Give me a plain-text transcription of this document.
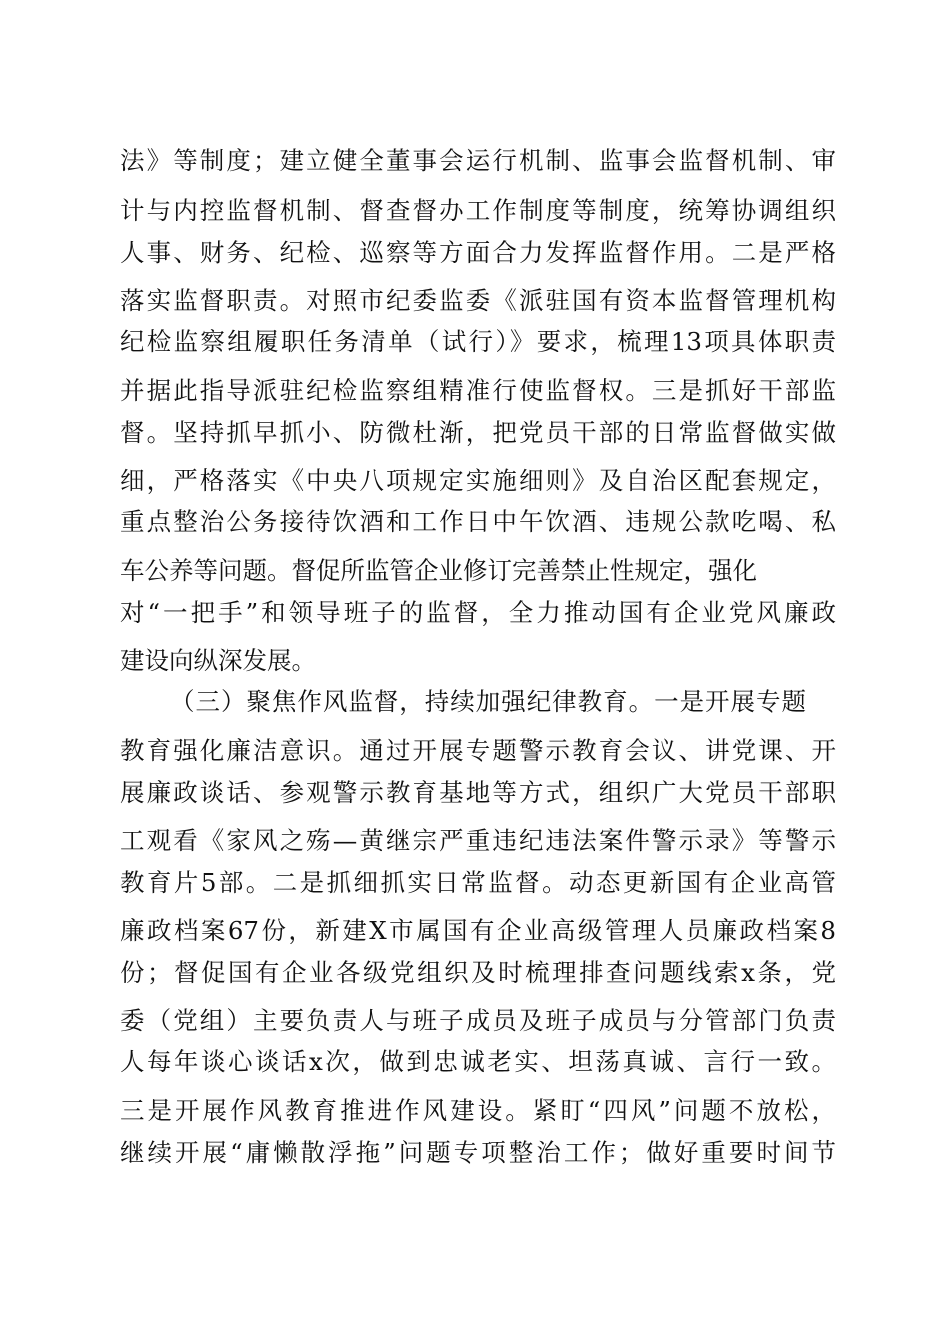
法》等制度；建立健全董事会运行机制、监事会监督机制、审
计与内控监督机制、督查督办工作制度等制度，统筹协调组织
人事、财务、纪检、巡察等方面合力发挥监督作用。二是严格
落实监督职责。对照市纪委监委《派驻国有资本监督管理机构
纪检监察组履职任务清单（试行）》要求，梳理13项具体职责
并据此指导派驻纪检监察组精准行使监督权。三是抓好干部监
督。坚持抓早抓小、防微杜渐，把党员干部的日常监督做实做
细，严格落实《中央八项规定实施细则》及自治区配套规定，
重点整治公务接待饮酒和工作日中午饮酒、违规公款吃喝、私
车公养等问题。督促所监管企业修订完善禁止性规定，强化
对“一把手”和领导班子的监督，全力推动国有企业党风廉政
建设向纵深发展。
（三）聚焦作风监督，持续加强纪律教育。一是开展专题
教育强化廉洁意识。通过开展专题警示教育会议、讲党课、开
展廉政谈话、参观警示教育基地等方式，组织广大党员干部职
工观看《家风之殇—黄继宗严重违纪违法案件警示录》等警示
教育片5部。二是抓细抓实日常监督。动态更新国有企业高管
廉政档案67份，新建X市属国有企业高级管理人员廉政档案8
份；督促国有企业各级党组织及时梳理排查问题线索x条，党
委（党组）主要负责人与班子成员及班子成员与分管部门负责
人每年谈心谈话x次，做到忠诚老实、坦荡真诚、言行一致。
三是开展作风教育推进作风建设。紧盯“四风”问题不放松，
继续开展“庸懒散浮拖”问题专项整治工作；做好重要时间节
